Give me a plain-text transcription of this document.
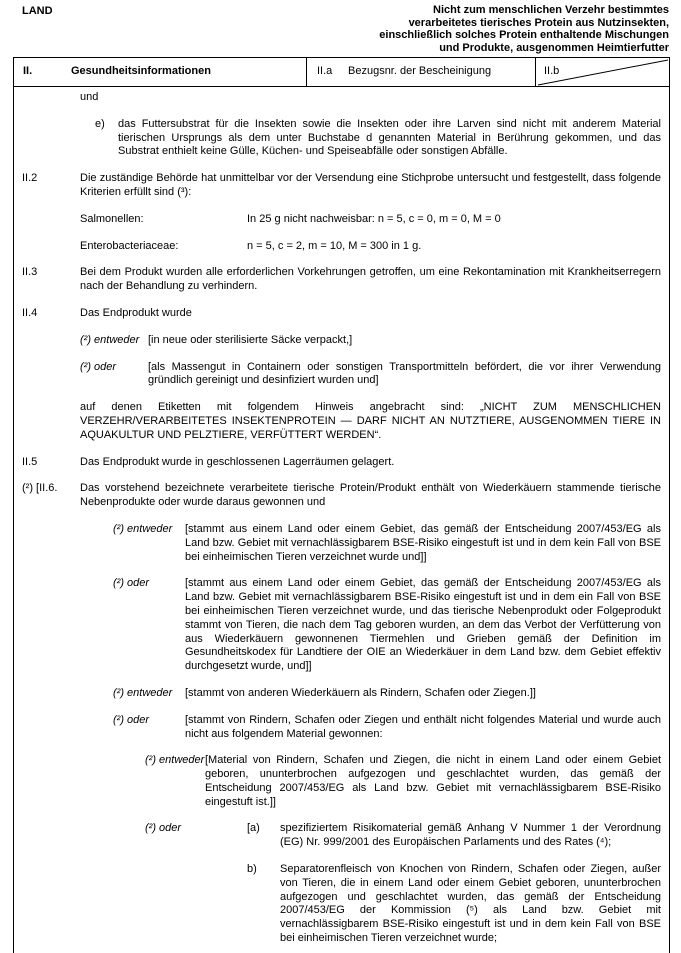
LAND	Nicht zum menschlichen Verzehr bestimmtes
verarbeitetes tierisches Protein aus Nutzinsekten,
einschließlich solches Protein enthaltende Mischungen
und Produkte, ausgenommen Heimtierfutter
II.	Gesundheitsinformationen	II.a	Bezugsnr. der Bescheinigung	II.b
und
e)	das Futtersubstrat für die Insekten sowie die Insekten oder ihre Larven sind nicht mit anderem Material tierischen Ursprungs als dem unter Buchstabe d genannten Material in Berührung gekommen, und das Substrat enthielt keine Gülle, Küchen- und Speiseabfälle oder sonstigen Abfälle.
II.2	Die zuständige Behörde hat unmittelbar vor der Versendung eine Stichprobe untersucht und festgestellt, dass folgende Kriterien erfüllt sind (³):
Salmonellen:	In 25 g nicht nachweisbar: n = 5, c = 0, m = 0, M = 0
Enterobacteriaceae:	n = 5, c = 2, m = 10, M = 300 in 1 g.
II.3	Bei dem Produkt wurden alle erforderlichen Vorkehrungen getroffen, um eine Rekontamination mit Krankheitserregern nach der Behandlung zu verhindern.
II.4	Das Endprodukt wurde

(²) entweder [in neue oder sterilisierte Säcke verpackt,]
(²) oder	[als Massengut in Containern oder sonstigen Transportmitteln befördert, die vor ihrer Verwendung gründlich gereinigt und desinfiziert wurden und]

auf denen Etiketten mit folgendem Hinweis angebracht sind: „NICHT ZUM MENSCHLICHEN VERZEHR/VERARBEITETES INSEKTENPROTEIN — DARF NICHT AN NUTZTIERE, AUSGENOMMEN TIERE IN AQUAKULTUR UND PELZTIERE, VERFÜTTERT WERDEN“.

II.5	Das Endprodukt wurde in geschlossenen Lagerräumen gelagert.
(²) [II.6.	Das vorstehend bezeichnete verarbeitete tierische Protein/Produkt enthält von Wiederkäuern stammende tierische Nebenprodukte oder wurde daraus gewonnen und

(²) entweder	[stammt aus einem Land oder einem Gebiet, das gemäß der Entscheidung 2007/453/EG als Land bzw. Gebiet mit vernachlässigbarem BSE-Risiko eingestuft ist und in dem kein Fall von BSE bei einheimischen Tieren verzeichnet wurde und]]
(²) oder	[stammt aus einem Land oder einem Gebiet, das gemäß der Entscheidung 2007/453/EG als Land bzw. Gebiet mit vernachlässigbarem BSE-Risiko eingestuft ist und in dem ein Fall von BSE bei einheimischen Tieren verzeichnet wurde, und das tierische Nebenprodukt oder Folgeprodukt stammt von Tieren, die nach dem Tag geboren wurden, an dem das Verbot der Verfütterung von aus Wiederkäuern gewonnenen Tiermehlen und Grieben gemäß der Definition im Gesundheitskodex für Landtiere der OIE an Wiederkäuer in dem Land bzw. dem Gebiet effektiv durchgesetzt wurde, und]]
(²) entweder	[stammt von anderen Wiederkäuern als Rindern, Schafen oder Ziegen.]]
(²) oder	[stammt von Rindern, Schafen oder Ziegen und enthält nicht folgendes Material und wurde auch nicht aus folgendem Material gewonnen:
(²) entweder [Material von Rindern, Schafen und Ziegen, die nicht in einem Land oder einem Gebiet geboren, ununterbrochen aufgezogen und geschlachtet wurden, das gemäß der Entscheidung 2007/453/EG als Land bzw. Gebiet mit vernachlässigbarem BSE-Risiko eingestuft ist.]]
(²) oder	[a)	spezifiziertem Risikomaterial gemäß Anhang V Nummer 1 der Verordnung (EG) Nr. 999/2001 des Europäischen Parlaments und des Rates (⁴);
b)	Separatorenfleisch von Knochen von Rindern, Schafen oder Ziegen, außer von Tieren, die in einem Land oder einem Gebiet geboren, ununterbrochen aufgezogen und geschlachtet wurden, das gemäß der Entscheidung 2007/453/EG der Kommission (⁵) als Land bzw. Gebiet mit vernachlässigbarem BSE-Risiko eingestuft ist und in dem kein Fall von BSE bei einheimischen Tieren verzeichnet wurde;
